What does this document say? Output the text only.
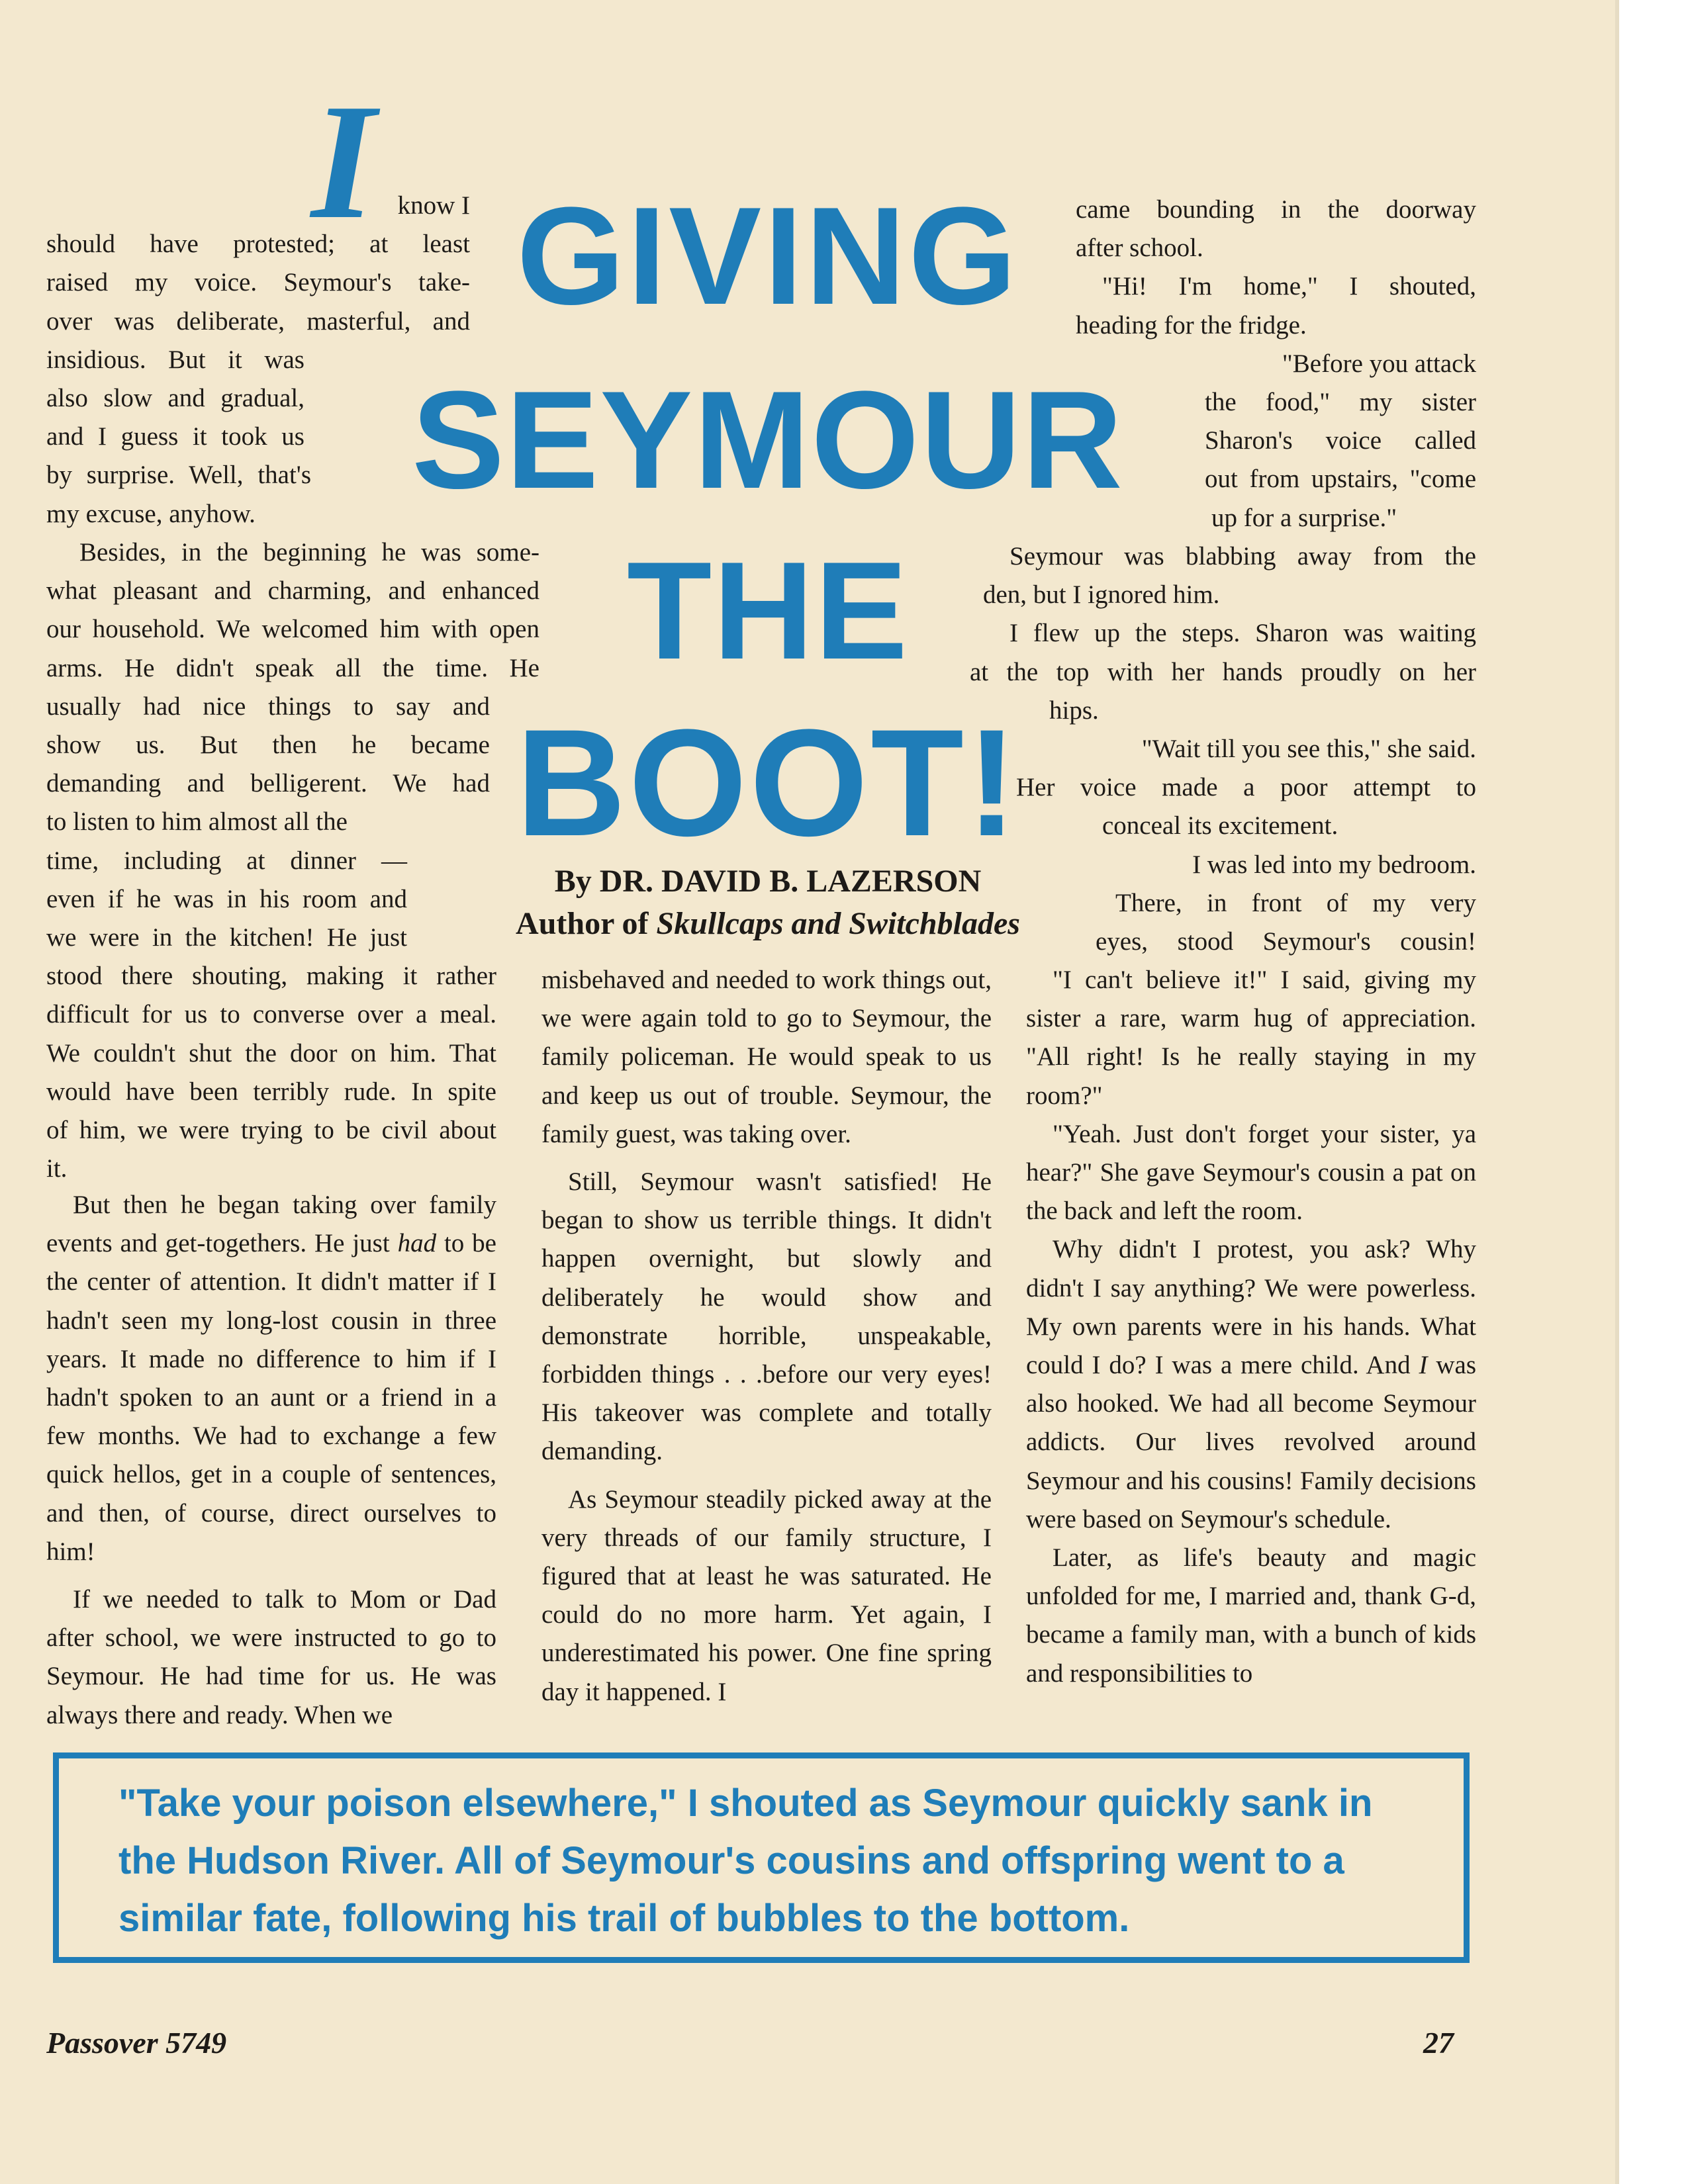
GIVING
SEYMOUR
THE
BOOT!
I

By DR. DAVID B. LAZERSON

Author of Skullcaps and Switchblades

know I

should have protested; at least

raised my voice. Seymour's take-

over was deliberate, masterful, and

insidious. But it was

also slow and gradual,

and I guess it took us

by surprise. Well, that's

my excuse, anyhow.

Besides, in the beginning he was some-

what pleasant and charming, and enhanced

our household. We welcomed him with open

arms. He didn't speak all the time. He

usually had nice things to say and

show us. But then he became

demanding and belligerent. We had

to listen to him almost all the

time, including at dinner —

even if he was in his room and

we were in the kitchen! He just

stood there shouting, making it rather

difficult for us to converse over a meal.

We couldn't shut the door on him. That

would have been terribly rude. In spite

of him, we were trying to be civil about

it.

But then he began taking over family events and get-togethers. He just had to be the center of attention. It didn't matter if I hadn't seen my long-lost cousin in three years. It made no difference to him if I hadn't spoken to an aunt or a friend in a few months. We had to exchange a few quick hellos, get in a couple of sentences, and then, of course, direct ourselves to him!

If we needed to talk to Mom or Dad after school, we were instructed to go to Seymour. He had time for us. He was always there and ready. When we

misbehaved and needed to work things out, we were again told to go to Seymour, the family policeman. He would speak to us and keep us out of trouble. Seymour, the family guest, was taking over.

Still, Seymour wasn't satisfied! He began to show us terrible things. It didn't happen overnight, but slowly and deliberately he would show and demonstrate horrible, unspeakable, forbidden things . . .before our very eyes! His takeover was complete and totally demanding.

As Seymour steadily picked away at the very threads of our family structure, I figured that at least he was saturated. He could do no more harm. Yet again, I underestimated his power. One fine spring day it happened. I

came bounding in the doorway

after school.

"Hi! I'm home," I shouted,

heading for the fridge.

"Before you attack

the food," my sister

Sharon's voice called

out from upstairs, "come

up for a surprise."

Seymour was blabbing away from the

den, but I ignored him.

I flew up the steps. Sharon was waiting

at the top with her hands proudly on her

hips.

"Wait till you see this," she said.

Her voice made a poor attempt to

conceal its excitement.

I was led into my bedroom.

There, in front of my very

eyes, stood Seymour's cousin!

"I can't believe it!" I said, giving my sister a rare, warm hug of appreciation. "All right! Is he really staying in my room?"

"Yeah. Just don't forget your sister, ya hear?" She gave Seymour's cousin a pat on the back and left the room.

Why didn't I protest, you ask? Why didn't I say anything? We were powerless. My own parents were in his hands. What could I do? I was a mere child. And I was also hooked. We had all become Seymour addicts. Our lives revolved around Seymour and his cousins! Family decisions were based on Seymour's schedule.

Later, as life's beauty and magic unfolded for me, I married and, thank G-d, became a family man, with a bunch of kids and responsibilities to

"Take your poison elsewhere," I shouted as Seymour quickly sank in the Hudson River. All of Seymour's cousins and offspring went to a similar fate, following his trail of bubbles to the bottom.

Passover 5749	27
